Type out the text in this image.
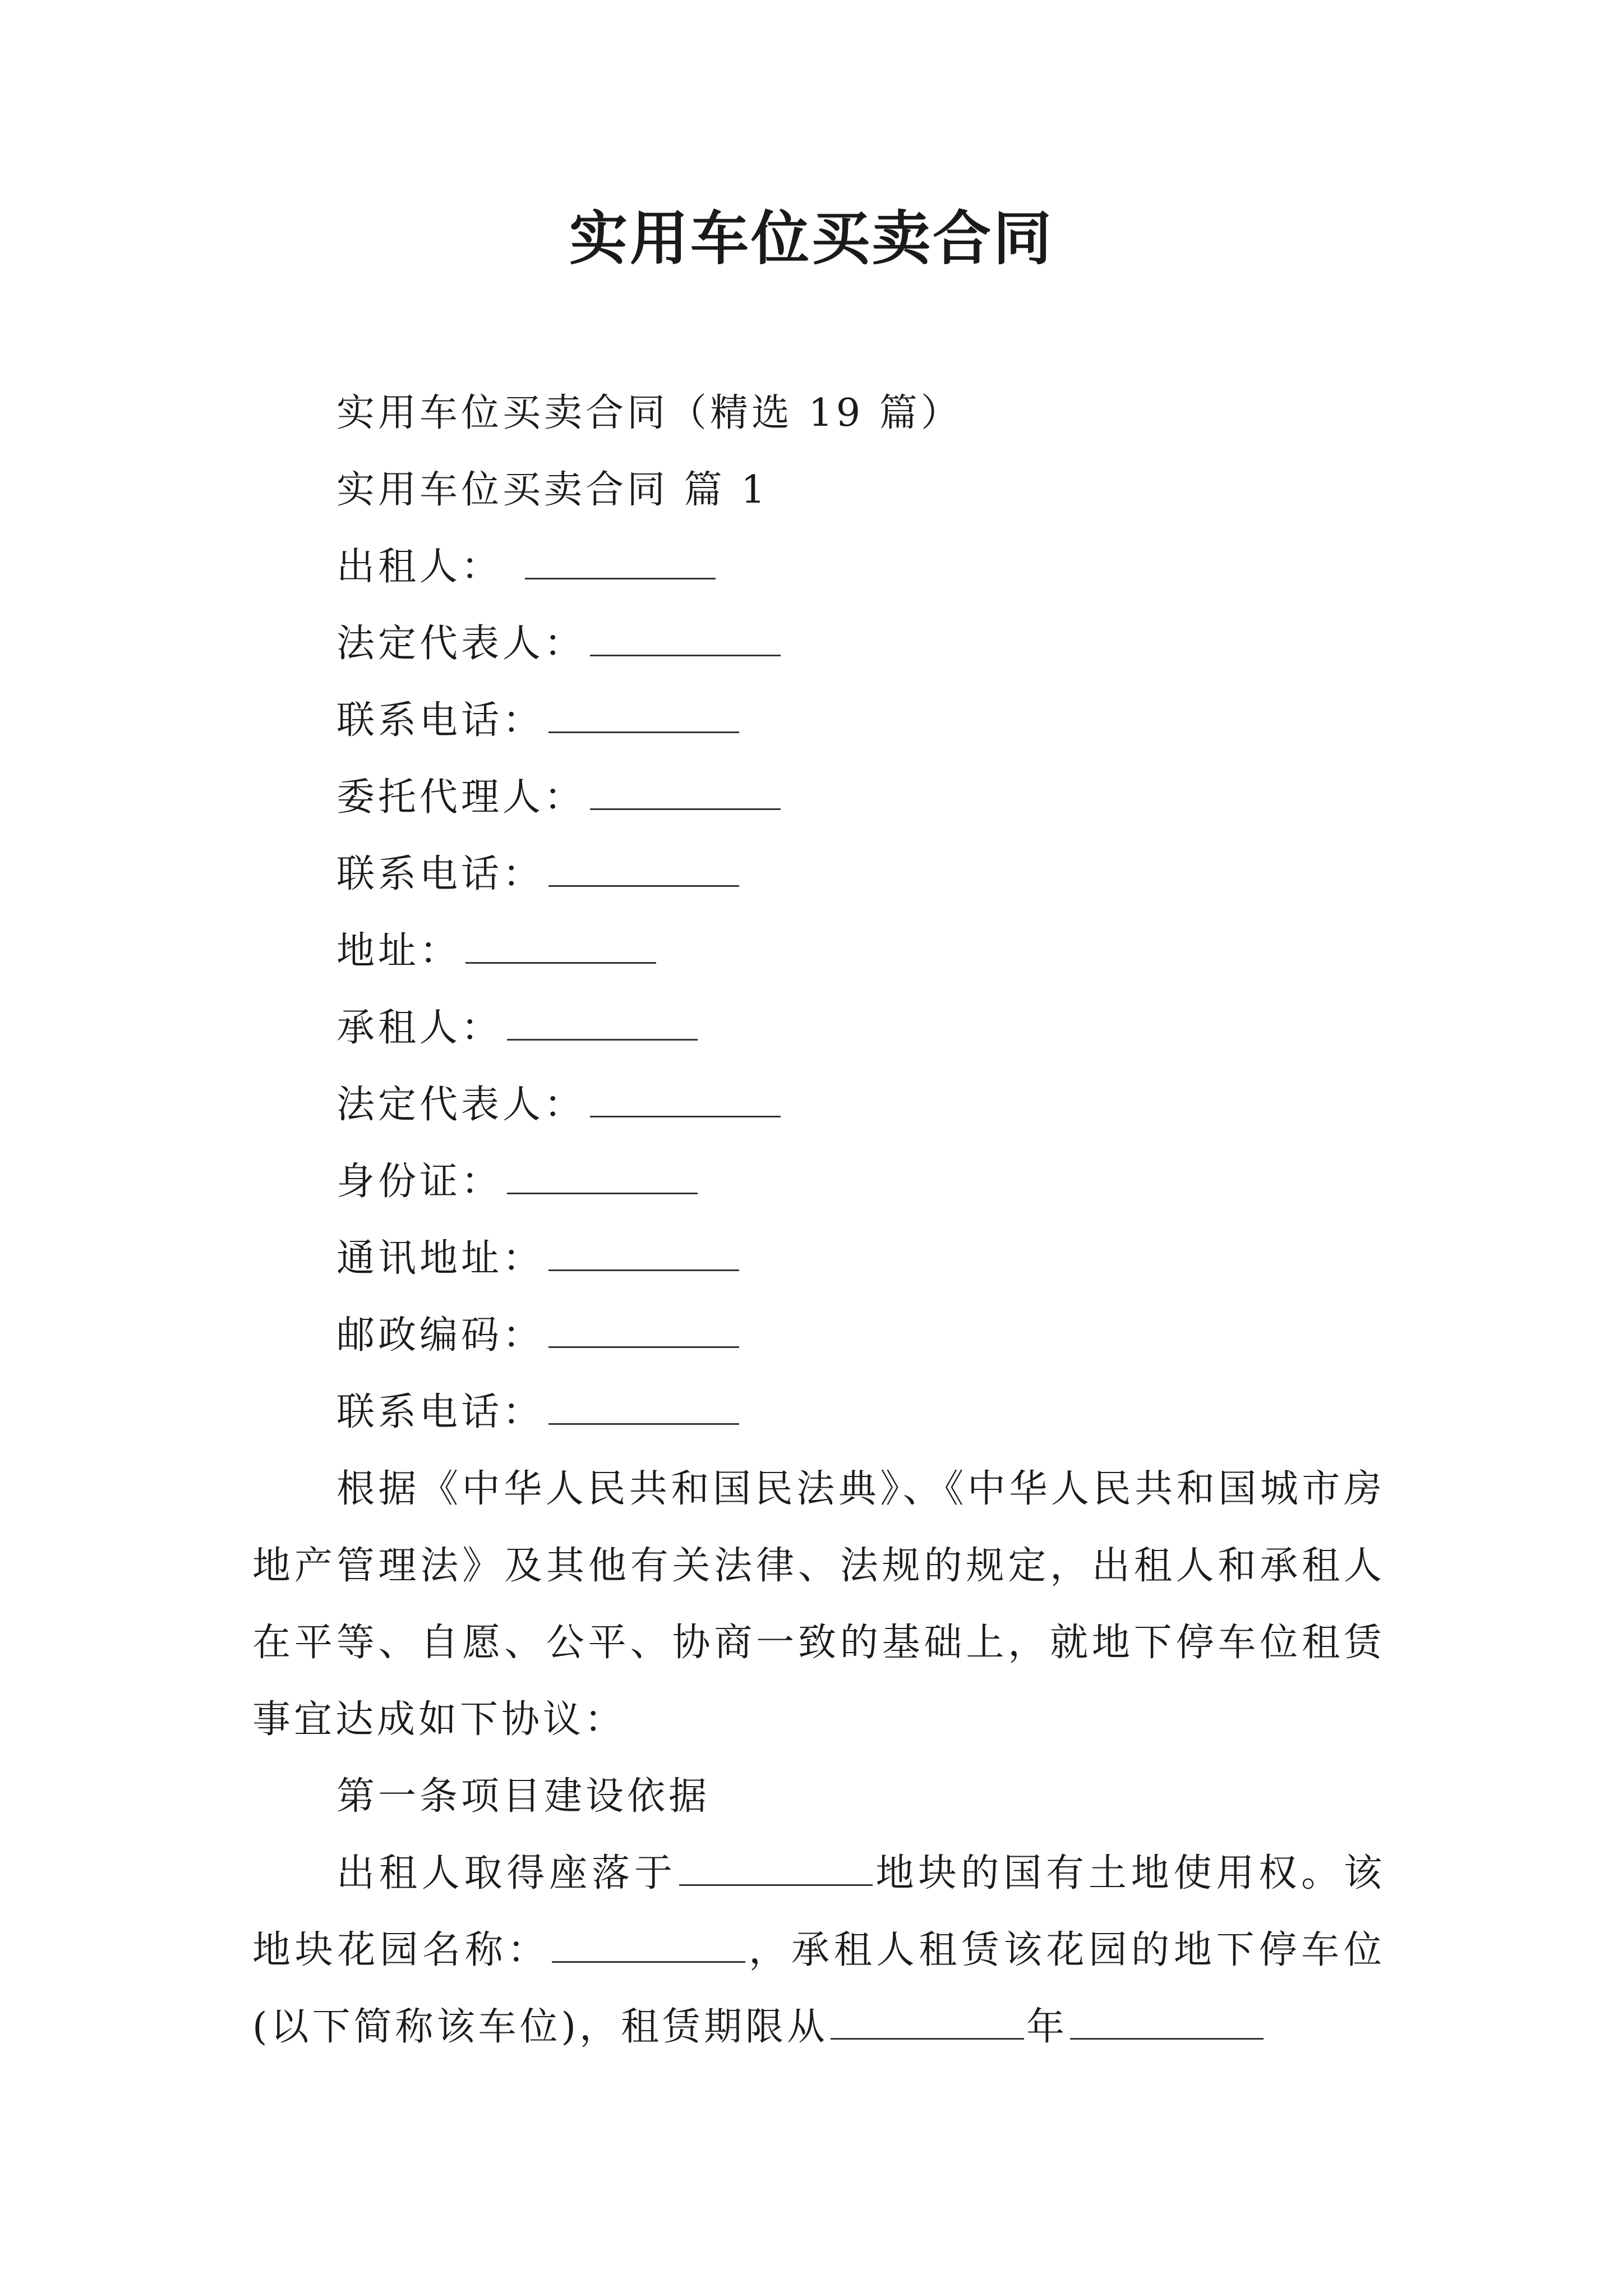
实用车位买卖合同

实用车位买卖合同（精选 19 篇）

实用车位买卖合同 篇 1

出租人：

法定代表人：

联系电话：

委托代理人：

联系电话：

地址：

承租人：

法定代表人：

身份证：

通讯地址：

邮政编码：

联系电话：

根据《中华人民共和国民法典》、《中华人民共和国城市房地产管理法》及其他有关法律、法规的规定，出租人和承租人在平等、自愿、公平、协商一致的基础上，就地下停车位租赁事宜达成如下协议：

第一条项目建设依据

出租人取得座落于	地块的国有土地使用权。该地块花园名称：	，承租人租赁该花园的地下停车位(以下简称该车位)，租赁期限从	年
